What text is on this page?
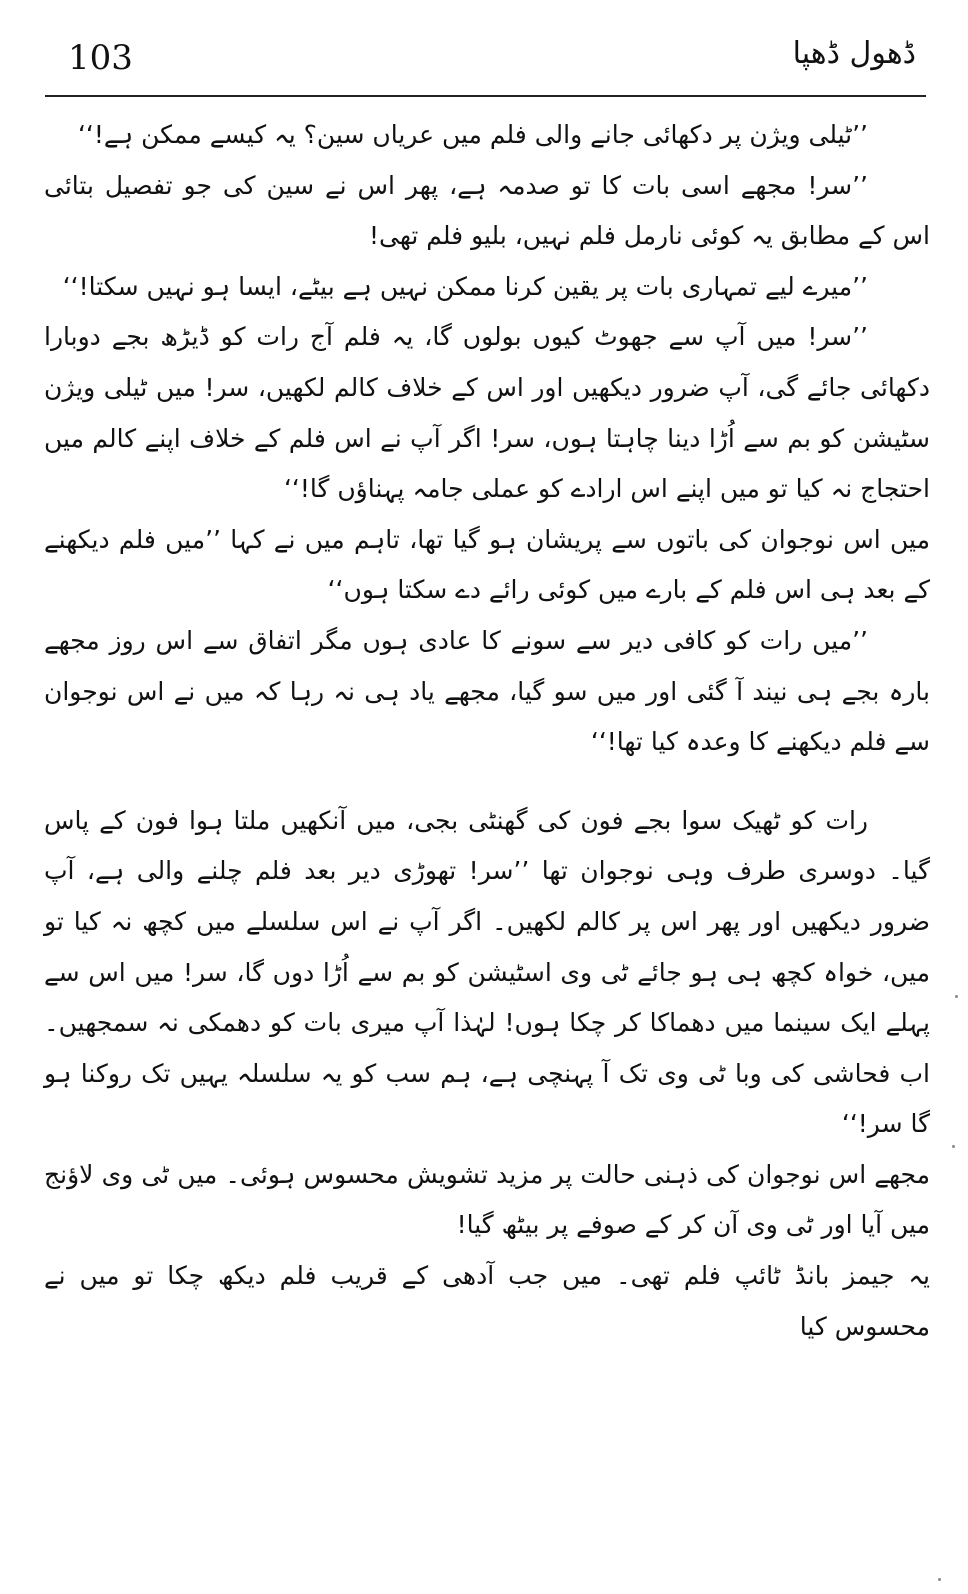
103	ڈھول ڈھپا

’’ٹیلی ویژن پر دکھائی جانے والی فلم میں عریاں سین؟ یہ کیسے ممکن ہے!‘‘

’’سر! مجھے اسی بات کا تو صدمہ ہے، پھر اس نے سین کی جو تفصیل بتائی اس کے مطابق یہ کوئی نارمل فلم نہیں، بلیو فلم تھی!

’’میرے لیے تمہاری بات پر یقین کرنا ممکن نہیں ہے بیٹے، ایسا ہو نہیں سکتا!‘‘

’’سر! میں آپ سے جھوٹ کیوں بولوں گا، یہ فلم آج رات کو ڈیڑھ بجے دوبارا دکھائی جائے گی، آپ ضرور دیکھیں اور اس کے خلاف کالم لکھیں، سر! میں ٹیلی ویژن سٹیشن کو بم سے اُڑا دینا چاہتا ہوں، سر! اگر آپ نے اس فلم کے خلاف اپنے کالم میں احتجاج نہ کیا تو میں اپنے اس ارادے کو عملی جامہ پہناؤں گا!‘‘

میں اس نوجوان کی باتوں سے پریشان ہو گیا تھا، تاہم میں نے کہا ’’میں فلم دیکھنے کے بعد ہی اس فلم کے بارے میں کوئی رائے دے سکتا ہوں‘‘

’’میں رات کو کافی دیر سے سونے کا عادی ہوں مگر اتفاق سے اس روز مجھے بارہ بجے ہی نیند آ گئی اور میں سو گیا، مجھے یاد ہی نہ رہا کہ میں نے اس نوجوان سے فلم دیکھنے کا وعدہ کیا تھا!‘‘

رات کو ٹھیک سوا بجے فون کی گھنٹی بجی، میں آنکھیں ملتا ہوا فون کے پاس گیا۔ دوسری طرف وہی نوجوان تھا ’’سر! تھوڑی دیر بعد فلم چلنے والی ہے، آپ ضرور دیکھیں اور پھر اس پر کالم لکھیں۔ اگر آپ نے اس سلسلے میں کچھ نہ کیا تو میں، خواہ کچھ ہی ہو جائے ٹی وی اسٹیشن کو بم سے اُڑا دوں گا، سر! میں اس سے پہلے ایک سینما میں دھماکا کر چکا ہوں! لہٰذا آپ میری بات کو دھمکی نہ سمجھیں۔ اب فحاشی کی وبا ٹی وی تک آ پہنچی ہے، ہم سب کو یہ سلسلہ یہیں تک روکنا ہو گا سر!‘‘

مجھے اس نوجوان کی ذہنی حالت پر مزید تشویش محسوس ہوئی۔ میں ٹی وی لاؤنج میں آیا اور ٹی وی آن کر کے صوفے پر بیٹھ گیا!

یہ جیمز بانڈ ٹائپ فلم تھی۔ میں جب آدھی کے قریب فلم دیکھ چکا تو میں نے محسوس کیا
